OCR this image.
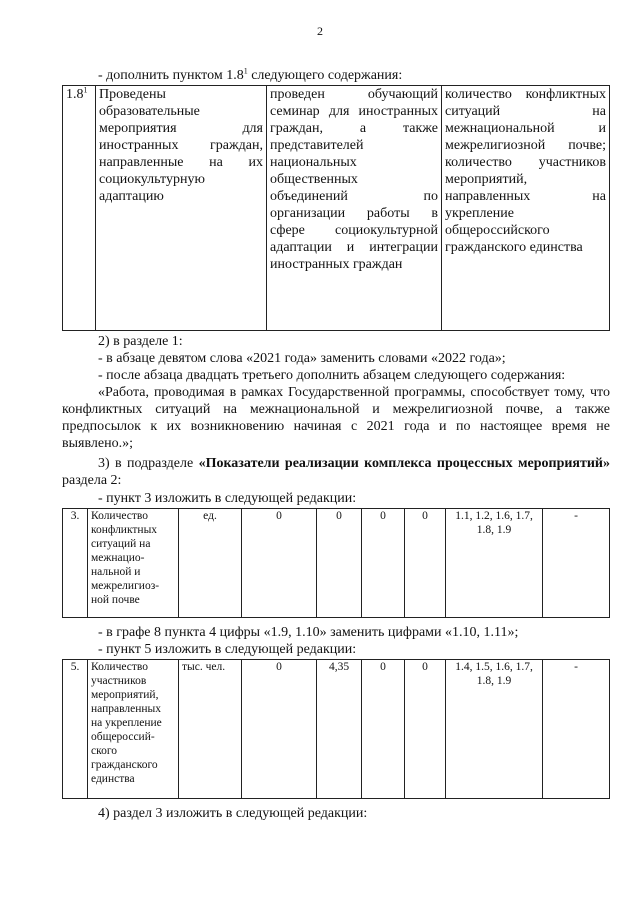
2
- дополнить пунктом $1.8^1$ следующего содержания:
$1.8^1$	Проведены образовательные мероприятия для иностранных граждан, направленные на их социокультурную адаптацию	проведен обучающий семинар для иностранных граждан, а также представителей национальных общественных объединений по организации работы в сфере социокультурной адаптации и интеграции иностранных граждан	количество конфликтных ситуаций на межнациональной и межрелигиозной почве; количество участников мероприятий, направленных на укрепление общероссийского гражданского единства
2) в разделе 1:
- в абзаце девятом слова «2021 года» заменить словами «2022 года»;
- после абзаца двадцать третьего дополнить абзацем следующего содержания:
«Работа, проводимая в рамках Государственной программы, способствует тому, что конфликтных ситуаций на межнациональной и межрелигиозной почве, а также предпосылок к их возникновению начиная с 2021 года и по настоящее время не выявлено.»;
3) в подразделе «Показатели реализации комплекса процессных мероприятий» раздела 2:
- пункт 3 изложить в следующей редакции:
3.	Количество конфликтных ситуаций на межнацио-нальной и межрелигиоз-ной почве	ед.	0	0	0	0	1.1, 1.2, 1.6, 1.7, 1.8, 1.9	-
- в графе 8 пункта 4 цифры «1.9, 1.10» заменить цифрами «1.10, 1.11»;
- пункт 5 изложить в следующей редакции:
5.	Количество участников мероприятий, направленных на укрепление общероссий-ского гражданского единства	тыс. чел.	0	4,35	0	0	1.4, 1.5, 1.6, 1.7, 1.8, 1.9	-
4) раздел 3 изложить в следующей редакции:
